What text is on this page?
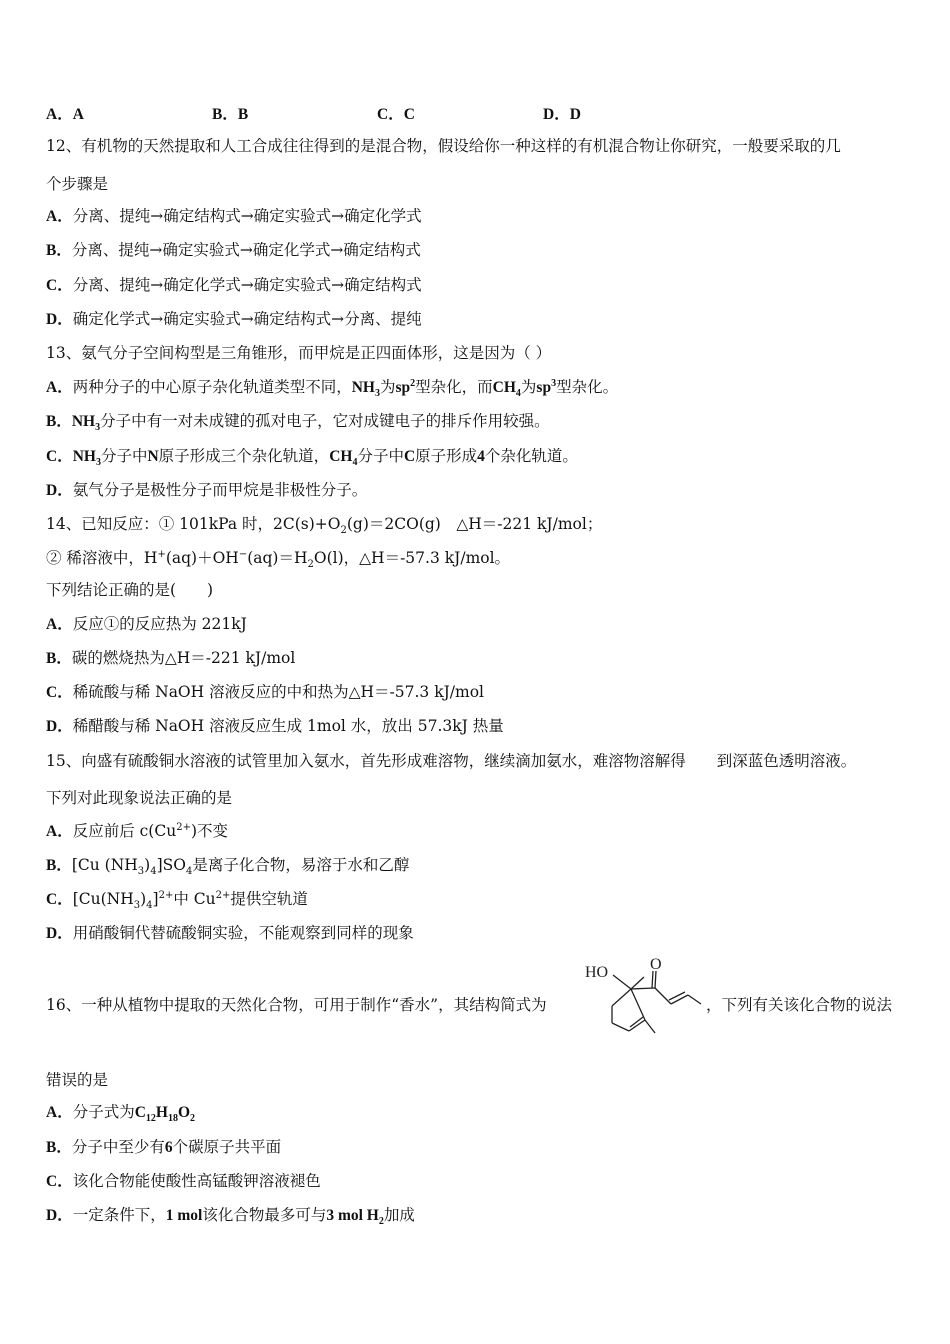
A．A	B．B	C．C	D．D
12、有机物的天然提取和人工合成往往得到的是混合物，假设给你一种这样的有机混合物让你研究，一般要采取的几
个步骤是
A．分离、提纯→确定结构式→确定实验式→确定化学式
B．分离、提纯→确定实验式→确定化学式→确定结构式
C．分离、提纯→确定化学式→确定实验式→确定结构式
D．确定化学式→确定实验式→确定结构式→分离、提纯
13、氨气分子空间构型是三角锥形，而甲烷是正四面体形，这是因为（ ）
A．两种分子的中心原子杂化轨道类型不同，$NH_3$为$sp^2$型杂化，而$CH_4$为$sp^3$型杂化。
B．$NH_3$分子中有一对未成键的孤对电子，它对成键电子的排斥作用较强。
C．$NH_3$分子中N原子形成三个杂化轨道，$CH_4$分子中C原子形成4个杂化轨道。
D．氨气分子是极性分子而甲烷是非极性分子。
14、已知反应：① 101kPa 时，$2C(s)+O_2(g)=2CO(g)$　△H＝-221 kJ/mol；
② 稀溶液中，$H^+(aq)+OH^-(aq)=H_2O(l)$，△H＝-57.3 kJ/mol。
下列结论正确的是(　　)
A．反应①的反应热为 221kJ
B．碳的燃烧热为△H＝-221 kJ/mol
C．稀硫酸与稀 NaOH 溶液反应的中和热为△H＝-57.3 kJ/mol
D．稀醋酸与稀 NaOH 溶液反应生成 1mol 水，放出 57.3kJ 热量
15、向盛有硫酸铜水溶液的试管里加入氨水，首先形成难溶物，继续滴加氨水，难溶物溶解得　　到深蓝色透明溶液。
下列对此现象说法正确的是
A．反应前后 $c(Cu^{2+})$不变
B．[Cu $(NH_3)_4]SO_4$是离子化合物，易溶于水和乙醇
C．$[Cu(NH_3)_4]^{2+}$中 $Cu^{2+}$提供空轨道
D．用硝酸铜代替硫酸铜实验，不能观察到同样的现象
16、一种从植物中提取的天然化合物，可用于制作“香水”，其结构简式为	，下列有关该化合物的说法
HO	O
错误的是
A．分子式为$C_{12}H_{18}O_2$
B．分子中至少有6个碳原子共平面
C．该化合物能使酸性高锰酸钾溶液褪色
D．一定条件下，1 mol该化合物最多可与3 mol $H_2$加成
